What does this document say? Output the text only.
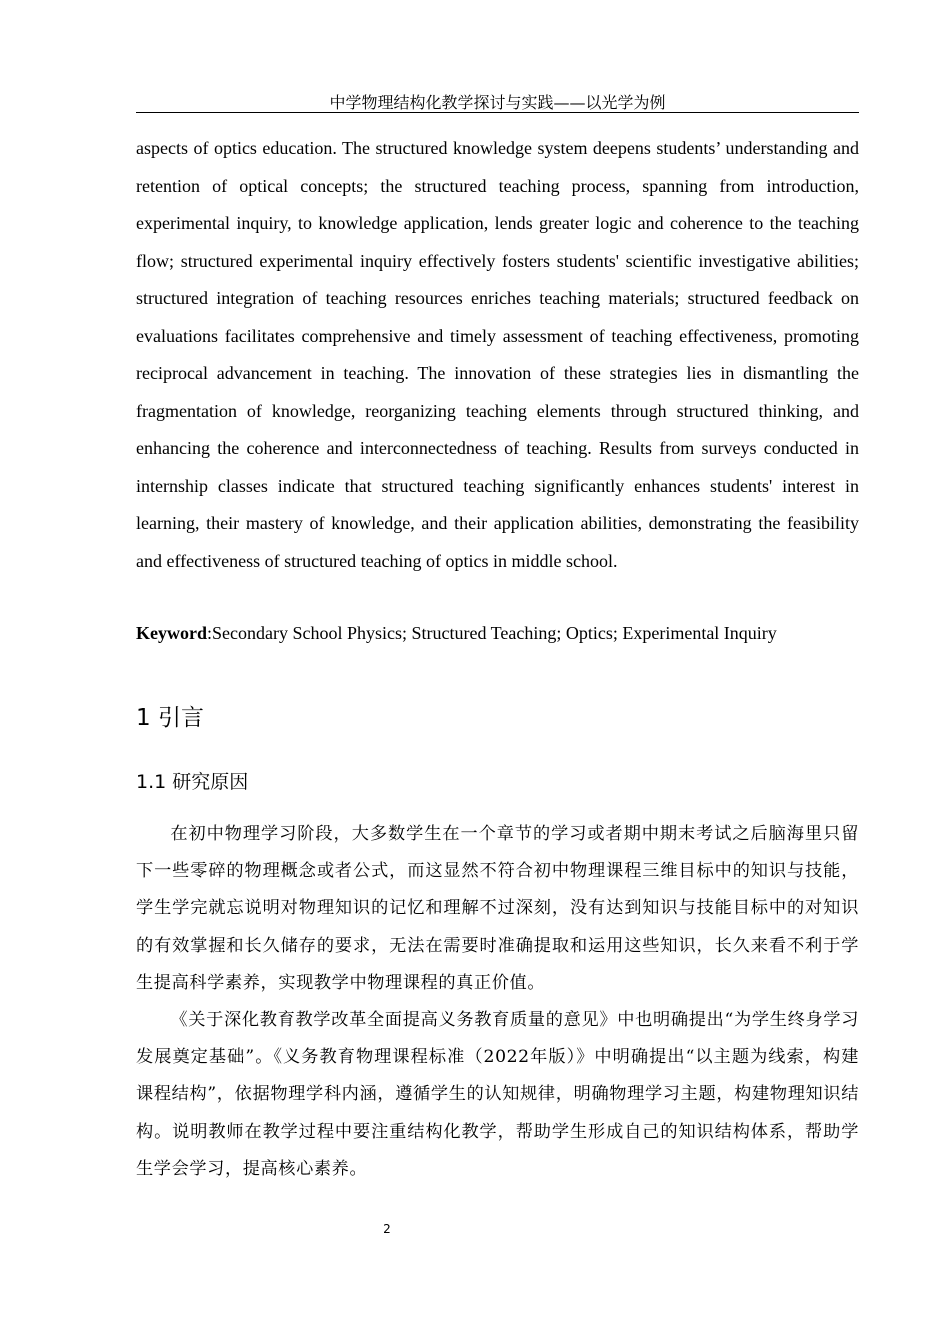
中学物理结构化教学探讨与实践——以光学为例

aspects of optics education. The structured knowledge system deepens students’ understanding and retention of optical concepts; the structured teaching process, spanning from introduction, experimental inquiry, to knowledge application, lends greater logic and coherence to the teaching flow; structured experimental inquiry effectively fosters students' scientific investigative abilities; structured integration of teaching resources enriches teaching materials; structured feedback on evaluations facilitates comprehensive and timely assessment of teaching effectiveness, promoting reciprocal advancement in teaching. The innovation of these strategies lies in dismantling the fragmentation of knowledge, reorganizing teaching elements through structured thinking, and enhancing the coherence and interconnectedness of teaching. Results from surveys conducted in internship classes indicate that structured teaching significantly enhances students' interest in learning, their mastery of knowledge, and their application abilities, demonstrating the feasibility and effectiveness of structured teaching of optics in middle school.

Keyword:Secondary School Physics; Structured Teaching; Optics; Experimental Inquiry

1 引言
1.1 研究原因

在初中物理学习阶段，大多数学生在一个章节的学习或者期中期末考试之后脑海里只留下一些零碎的物理概念或者公式，而这显然不符合初中物理课程三维目标中的知识与技能，学生学完就忘说明对物理知识的记忆和理解不过深刻，没有达到知识与技能目标中的对知识的有效掌握和长久储存的要求，无法在需要时准确提取和运用这些知识，长久来看不利于学生提高科学素养，实现教学中物理课程的真正价值。

《关于深化教育教学改革全面提高义务教育质量的意见》中也明确提出“为学生终身学习发展奠定基础”。《义务教育物理课程标准（2022年版）》中明确提出“以主题为线索，构建课程结构”，依据物理学科内涵，遵循学生的认知规律，明确物理学习主题，构建物理知识结构。说明教师在教学过程中要注重结构化教学，帮助学生形成自己的知识结构体系，帮助学生学会学习，提高核心素养。

2
